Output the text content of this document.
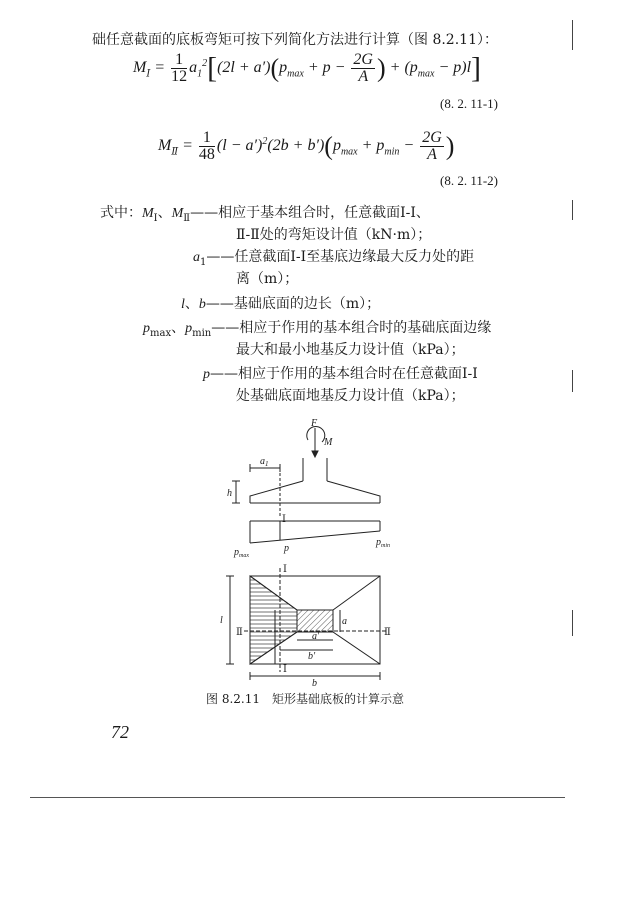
础任意截面的底板弯矩可按下列简化方法进行计算（图 8.2.11）：
$M_Ⅰ = \frac{1}{12} a_1^2[(2l + a')(p_{max} + p - \frac{2G}{A}$ ) + $(p_{max} - p)l$]
(8. 2. 11-1)
$M_Ⅱ = \frac{1}{48} (l - a')^2(2b + b')(p_{max} + p_{min} - \frac{2G}{A}$ )
(8. 2. 11-2)
式中：$M_Ⅰ$、$M_Ⅱ——$相应于基本组合时，任意截面Ⅰ-Ⅰ、
Ⅱ-Ⅱ处的弯矩设计值（kN·m）；
$a_1——$任意截面Ⅰ-Ⅰ至基底边缘最大反力处的距
离（m）；
l、b——基础底面的边长（m）；
$p_{max}$、$p_{min}——$相应于作用的基本组合时的基础底面边缘
最大和最小地基反力设计值（kPa）；
p——相应于作用的基本组合时在任意截面Ⅰ-Ⅰ
处基础底面地基反力设计值（kPa）；
F
M
$a_1$
h
$p_{max}$
p
$p_{min}$
l
a'
b'
b
a
Ⅰ
Ⅰ
Ⅰ
Ⅱ	Ⅱ
图 8.2.11　矩形基础底板的计算示意
72
